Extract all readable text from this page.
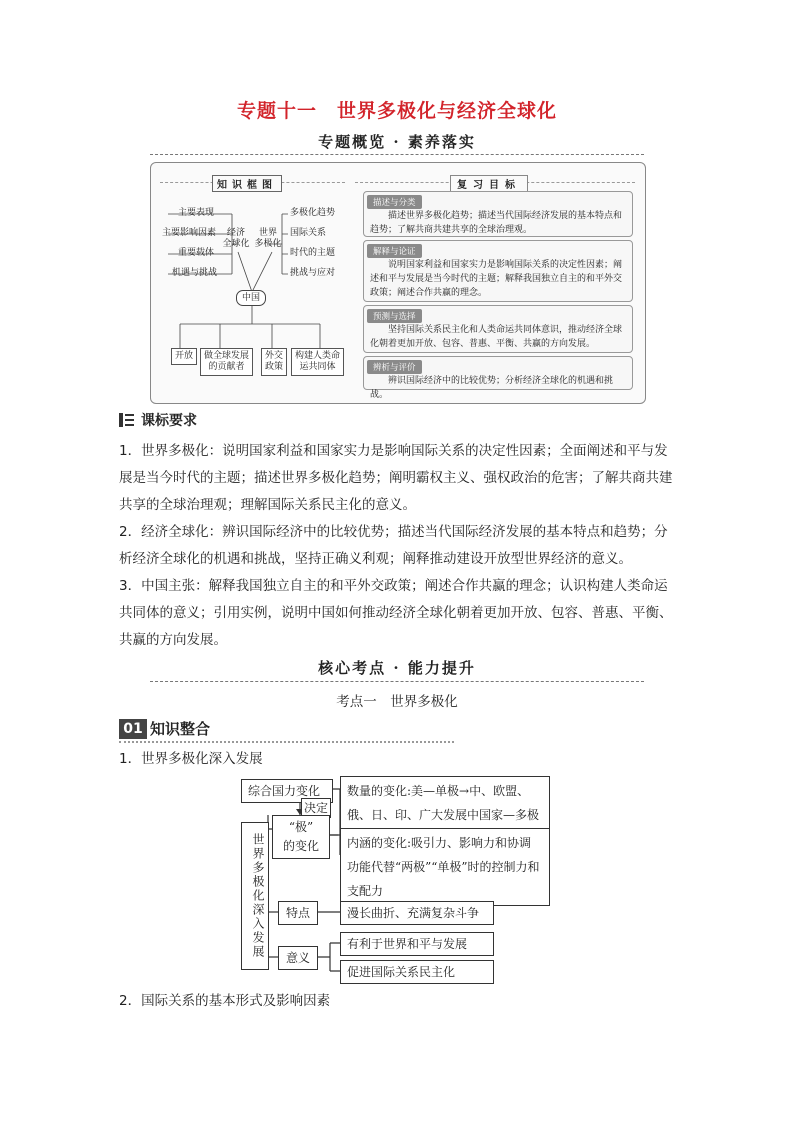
专题十一 世界多极化与经济全球化
专题概览 · 素养落实
知识框图
主要表现
主要影响因素
重要载体
机遇与挑战
经济
全球化
世界
多极化
多极化趋势
国际关系
时代的主题
挑战与应对
中国
开放	做全球发展
的贡献者
外交
政策
构建人类命
运共同体
复习目标
描述与分类
描述世界多极化趋势；描述当代国际经济发展的基本特点和趋势；了解共商共建共享的全球治理观。
解释与论证
说明国家利益和国家实力是影响国际关系的决定性因素；阐述和平与发展是当今时代的主题；解释我国独立自主的和平外交政策；阐述合作共赢的理念。
预测与选择
坚持国际关系民主化和人类命运共同体意识，推动经济全球化朝着更加开放、包容、普惠、平衡、共赢的方向发展。
辨析与评价
辨识国际经济中的比较优势；分析经济全球化的机遇和挑战。
课标要求
1．世界多极化：说明国家利益和国家实力是影响国际关系的决定性因素；全面阐述和平与发展是当今时代的主题；描述世界多极化趋势；阐明霸权主义、强权政治的危害；了解共商共建共享的全球治理观；理解国际关系民主化的意义。
2．经济全球化：辨识国际经济中的比较优势；描述当代国际经济发展的基本特点和趋势；分析经济全球化的机遇和挑战，坚持正确义利观；阐释推动建设开放型世界经济的意义。
3．中国主张：解释我国独立自主的和平外交政策；阐述合作共赢的理念；认识构建人类命运共同体的意义；引用实例，说明中国如何推动经济全球化朝着更加开放、包容、普惠、平衡、共赢的方向发展。
核心考点 · 能力提升
考点一　世界多极化
01 知识整合
1．世界多极化深入发展
综合国力变化
决定
“极”
的变化
数量的变化:美—单极→中、欧盟、俄、日、印、广大发展中国家—多极
内涵的变化:吸引力、影响力和协调功能代替“两极”“单极”时的控制力和支配力
世界多极化深入发展	特点	漫长曲折、充满复杂斗争
意义
有利于世界和平与发展
促进国际关系民主化
2．国际关系的基本形式及影响因素
